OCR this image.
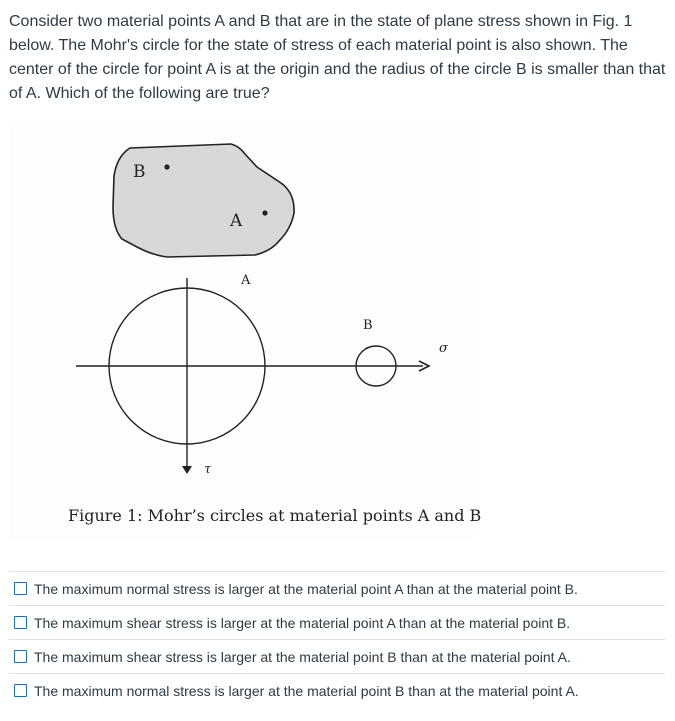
Consider two material points A and B that are in the state of plane stress shown in Fig. 1 below. The Mohr's circle for the state of stress of each material point is also shown. The center of the circle for point A is at the origin and the radius of the circle B is smaller than that of A. Which of the following are true?

B
A
A
B
σ
τ
Figure 1: Mohr’s circles at material points A and B
The maximum normal stress is larger at the material point A than at the material point B.
The maximum shear stress is larger at the material point A than at the material point B.
The maximum shear stress is larger at the material point B than at the material point A.
The maximum normal stress is larger at the material point B than at the material point A.
